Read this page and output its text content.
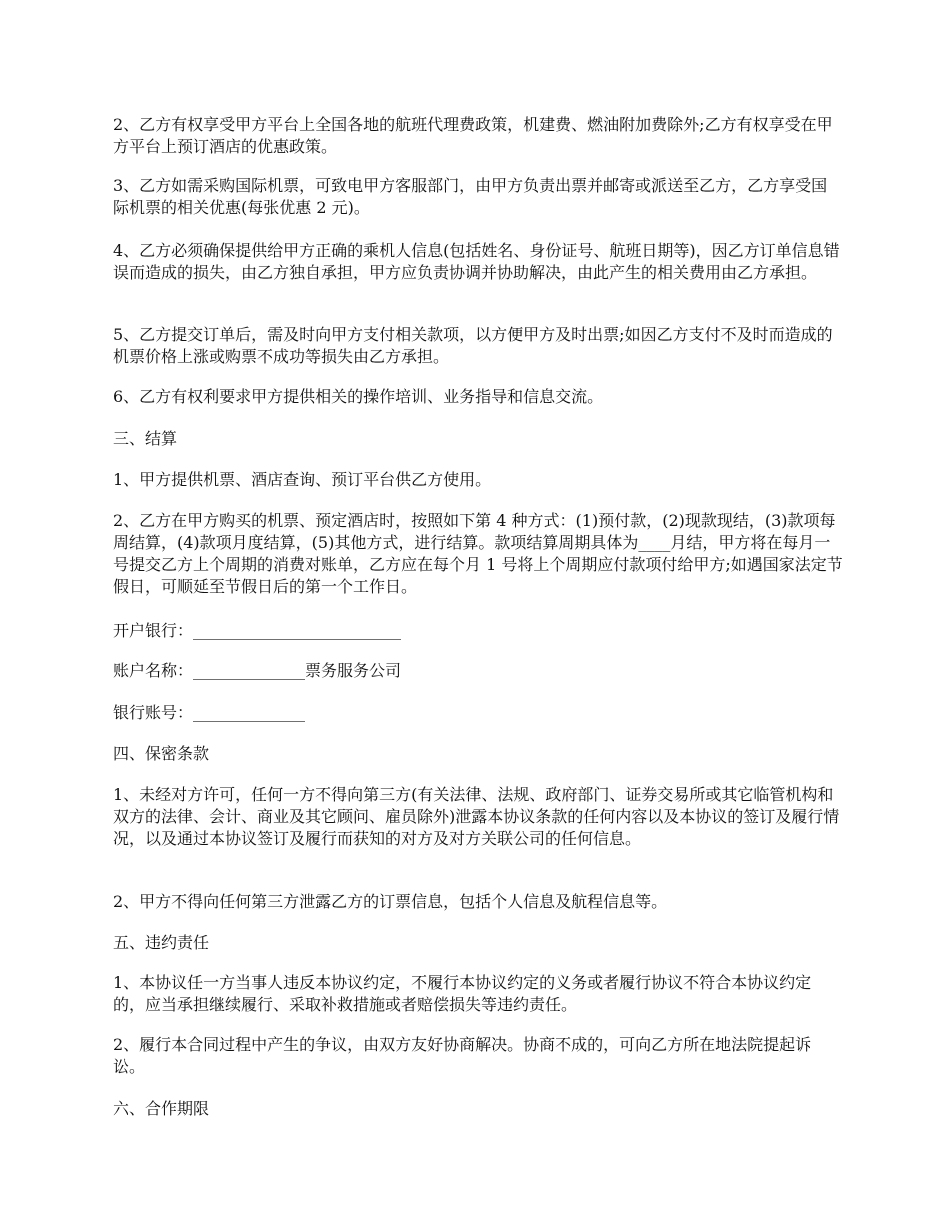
2、乙方有权享受甲方平台上全国各地的航班代理费政策，机建费、燃油附加费除外;乙方有权享受在甲方平台上预订酒店的优惠政策。

3、乙方如需采购国际机票，可致电甲方客服部门，由甲方负责出票并邮寄或派送至乙方，乙方享受国际机票的相关优惠(每张优惠 2 元)。

4、乙方必须确保提供给甲方正确的乘机人信息(包括姓名、身份证号、航班日期等)，因乙方订单信息错误而造成的损失，由乙方独自承担，甲方应负责协调并协助解决，由此产生的相关费用由乙方承担。

5、乙方提交订单后，需及时向甲方支付相关款项，以方便甲方及时出票;如因乙方支付不及时而造成的机票价格上涨或购票不成功等损失由乙方承担。

6、乙方有权利要求甲方提供相关的操作培训、业务指导和信息交流。

三、结算

1、甲方提供机票、酒店查询、预订平台供乙方使用。

2、乙方在甲方购买的机票、预定酒店时，按照如下第 4 种方式：(1)预付款，(2)现款现结，(3)款项每周结算，(4)款项月度结算，(5)其他方式，进行结算。款项结算周期具体为____月结，甲方将在每月一号提交乙方上个周期的消费对账单，乙方应在每个月 1 号将上个周期应付款项付给甲方;如遇国家法定节假日，可顺延至节假日后的第一个工作日。

开户银行：__________________________

账户名称：______________票务服务公司

银行账号：______________

四、保密条款

1、未经对方许可，任何一方不得向第三方(有关法律、法规、政府部门、证券交易所或其它临管机构和双方的法律、会计、商业及其它顾问、雇员除外)泄露本协议条款的任何内容以及本协议的签订及履行情况，以及通过本协议签订及履行而获知的对方及对方关联公司的任何信息。

2、甲方不得向任何第三方泄露乙方的订票信息，包括个人信息及航程信息等。

五、违约责任

1、本协议任一方当事人违反本协议约定，不履行本协议约定的义务或者履行协议不符合本协议约定的，应当承担继续履行、采取补救措施或者赔偿损失等违约责任。

2、履行本合同过程中产生的争议，由双方友好协商解决。协商不成的，可向乙方所在地法院提起诉讼。

六、合作期限
